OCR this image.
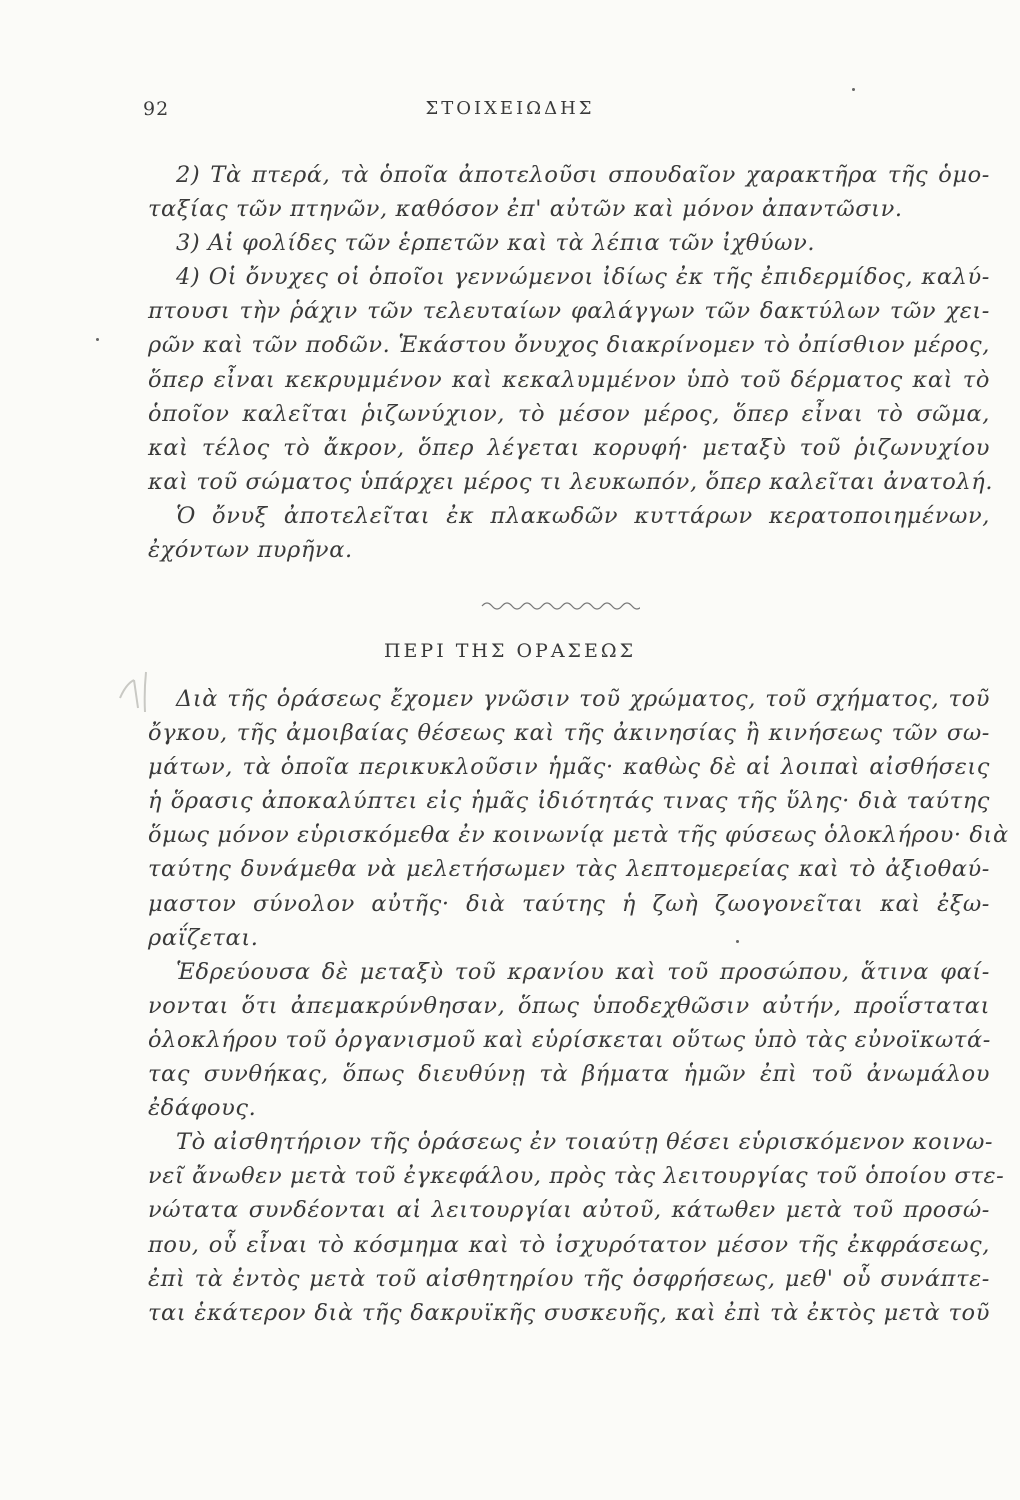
92	ΣΤΟΙΧΕΙΩΔΗΣ
2) Τὰ πτερά, τὰ ὁποῖα ἀποτελοῦσι σπουδαῖον χαρακτῆρα τῆς ὁμο-
ταξίας τῶν πτηνῶν, καθόσον ἐπ' αὐτῶν καὶ μόνον ἀπαντῶσιν.
3) Αἱ φολίδες τῶν ἑρπετῶν καὶ τὰ λέπια τῶν ἰχθύων.
4) Οἱ ὄνυχες οἱ ὁποῖοι γεννώμενοι ἰδίως ἐκ τῆς ἐπιδερμίδος, καλύ-
πτουσι τὴν ῥάχιν τῶν τελευταίων φαλάγγων τῶν δακτύλων τῶν χει-
ρῶν καὶ τῶν ποδῶν. Ἑκάστου ὄνυχος διακρίνομεν τὸ ὀπίσθιον μέρος,
ὅπερ εἶναι κεκρυμμένον καὶ κεκαλυμμένον ὑπὸ τοῦ δέρματος καὶ τὸ
ὁποῖον καλεῖται ῥιζωνύχιον, τὸ μέσον μέρος, ὅπερ εἶναι τὸ σῶμα,
καὶ τέλος τὸ ἄκρον, ὅπερ λέγεται κορυφή· μεταξὺ τοῦ ῥιζωνυχίου
καὶ τοῦ σώματος ὑπάρχει μέρος τι λευκωπόν, ὅπερ καλεῖται ἀνατολή.
Ὁ ὄνυξ ἀποτελεῖται ἐκ πλακωδῶν κυττάρων κερατοποιημένων,
ἐχόντων πυρῆνα.
ΠΕΡΙ ΤΗΣ ΟΡΑΣΕΩΣ
Διὰ τῆς ὁράσεως ἔχομεν γνῶσιν τοῦ χρώματος, τοῦ σχήματος, τοῦ
ὄγκου, τῆς ἀμοιβαίας θέσεως καὶ τῆς ἀκινησίας ἢ κινήσεως τῶν σω-
μάτων, τὰ ὁποῖα περικυκλοῦσιν ἡμᾶς· καθὼς δὲ αἱ λοιπαὶ αἰσθήσεις
ἡ ὅρασις ἀποκαλύπτει εἰς ἡμᾶς ἰδιότητάς τινας τῆς ὕλης· διὰ ταύτης
ὅμως μόνον εὑρισκόμεθα ἐν κοινωνίᾳ μετὰ τῆς φύσεως ὁλοκλήρου· διὰ
ταύτης δυνάμεθα νὰ μελετήσωμεν τὰς λεπτομερείας καὶ τὸ ἀξιοθαύ-
μαστον σύνολον αὐτῆς· διὰ ταύτης ἡ ζωὴ ζωογονεῖται καὶ ἐξω-
ραΐζεται.
Ἑδρεύουσα δὲ μεταξὺ τοῦ κρανίου καὶ τοῦ προσώπου, ἅτινα φαί-
νονται ὅτι ἀπεμακρύνθησαν, ὅπως ὑποδεχθῶσιν αὐτήν, προΐσταται
ὁλοκλήρου τοῦ ὀργανισμοῦ καὶ εὑρίσκεται οὕτως ὑπὸ τὰς εὐνοϊκωτά-
τας συνθήκας, ὅπως διευθύνῃ τὰ βήματα ἡμῶν ἐπὶ τοῦ ἀνωμάλου
ἐδάφους.
Τὸ αἰσθητήριον τῆς ὁράσεως ἐν τοιαύτῃ θέσει εὑρισκόμενον κοινω-
νεῖ ἄνωθεν μετὰ τοῦ ἐγκεφάλου, πρὸς τὰς λειτουργίας τοῦ ὁποίου στε-
νώτατα συνδέονται αἱ λειτουργίαι αὐτοῦ, κάτωθεν μετὰ τοῦ προσώ-
που, οὗ εἶναι τὸ κόσμημα καὶ τὸ ἰσχυρότατον μέσον τῆς ἐκφράσεως,
ἐπὶ τὰ ἐντὸς μετὰ τοῦ αἰσθητηρίου τῆς ὀσφρήσεως, μεθ' οὗ συνάπτε-
ται ἑκάτερον διὰ τῆς δακρυϊκῆς συσκευῆς, καὶ ἐπὶ τὰ ἐκτὸς μετὰ τοῦ
